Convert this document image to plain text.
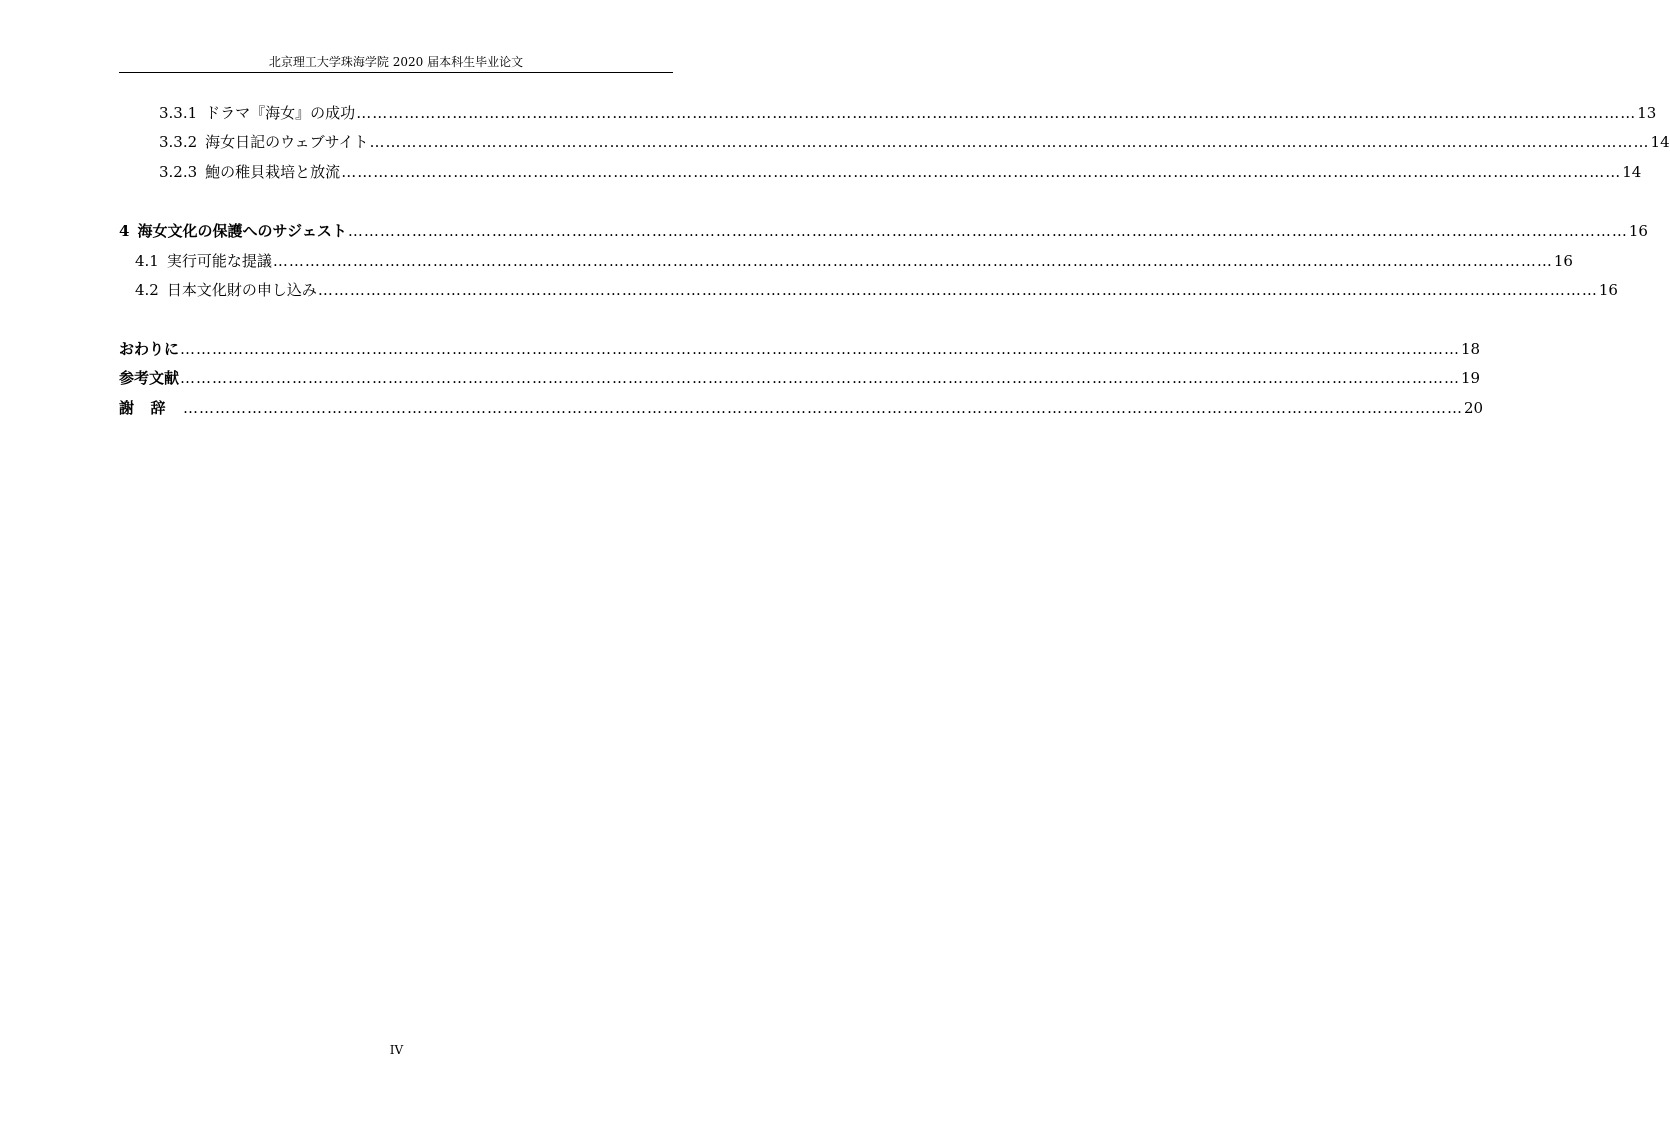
北京理工大学珠海学院 2020 届本科生毕业论文
3.3.1 ドラマ『海女』の成功 …………………………………………………………………………………………………………………………………………………………………………………………………………………… 13
3.3.2 海女日記のウェブサイト …………………………………………………………………………………………………………………………………………………………………………………………………………………… 14
3.2.3 鮑の稚貝栽培と放流 …………………………………………………………………………………………………………………………………………………………………………………………………………………… 14
4 海女文化の保護へのサジェスト …………………………………………………………………………………………………………………………………………………………………………………………………………………… 16
4.1 実行可能な提議 …………………………………………………………………………………………………………………………………………………………………………………………………………………… 16
4.2 日本文化財の申し込み …………………………………………………………………………………………………………………………………………………………………………………………………………………… 16
おわりに …………………………………………………………………………………………………………………………………………………………………………………………………………………… 18
参考文献 …………………………………………………………………………………………………………………………………………………………………………………………………………………… 19
謝辞 …………………………………………………………………………………………………………………………………………………………………………………………………………………… 20
IV
